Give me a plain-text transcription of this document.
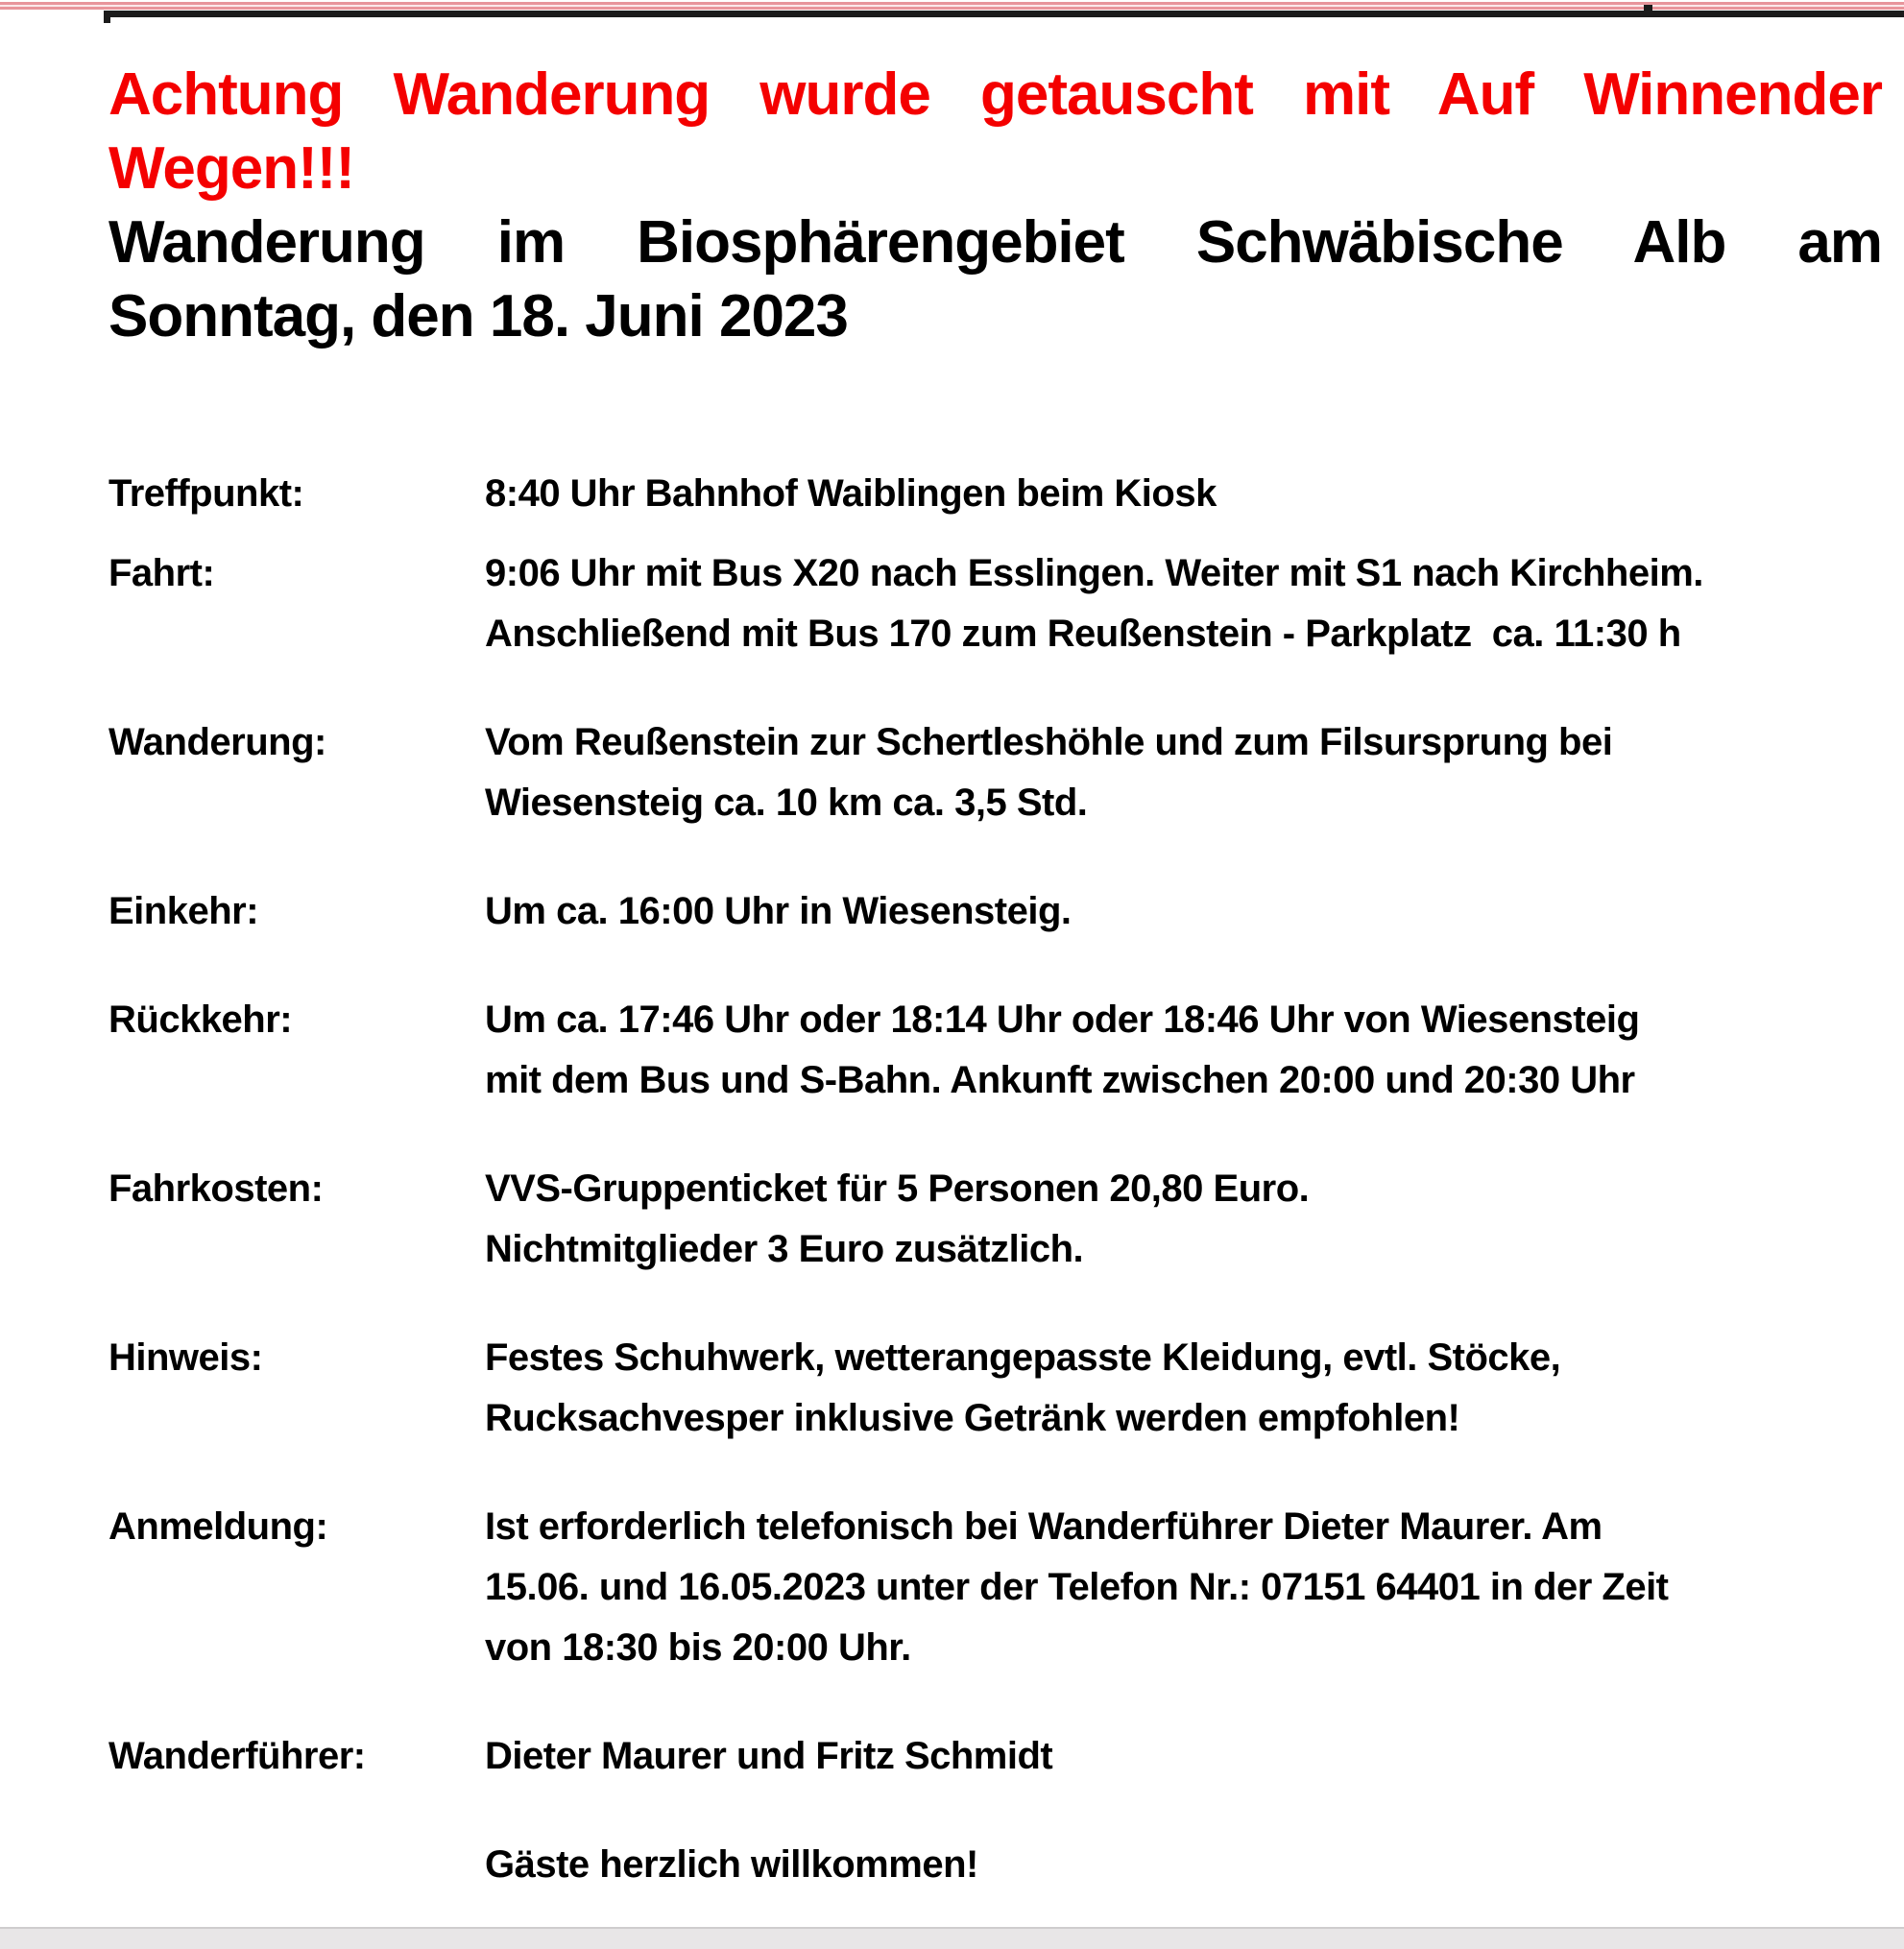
Achtung Wanderung wurde getauscht mit Auf Winnender
Wegen!!!
Wanderung im Biosphärengebiet Schwäbische Alb am
Sonntag, den 18. Juni 2023
Treffpunkt:	8:40 Uhr Bahnhof Waiblingen beim Kiosk
Fahrt:	9:06 Uhr mit Bus X20 nach Esslingen. Weiter mit S1 nach Kirchheim.
Anschließend mit Bus 170 zum Reußenstein - Parkplatz  ca. 11:30 h
Wanderung:	Vom Reußenstein zur Schertleshöhle und zum Filsursprung bei
Wiesensteig ca. 10 km ca. 3,5 Std.
Einkehr:	Um ca. 16:00 Uhr in Wiesensteig.
Rückkehr:	Um ca. 17:46 Uhr oder 18:14 Uhr oder 18:46 Uhr von Wiesensteig
mit dem Bus und S-Bahn. Ankunft zwischen 20:00 und 20:30 Uhr
Fahrkosten:	VVS-Gruppenticket für 5 Personen 20,80 Euro.
Nichtmitglieder 3 Euro zusätzlich.
Hinweis:	Festes Schuhwerk, wetterangepasste Kleidung, evtl. Stöcke,
Rucksachvesper inklusive Getränk werden empfohlen!
Anmeldung:	Ist erforderlich telefonisch bei Wanderführer Dieter Maurer. Am
15.06. und 16.05.2023 unter der Telefon Nr.: 07151 64401 in der Zeit
von 18:30 bis 20:00 Uhr.
Wanderführer:	Dieter Maurer und Fritz Schmidt
Gäste herzlich willkommen!
